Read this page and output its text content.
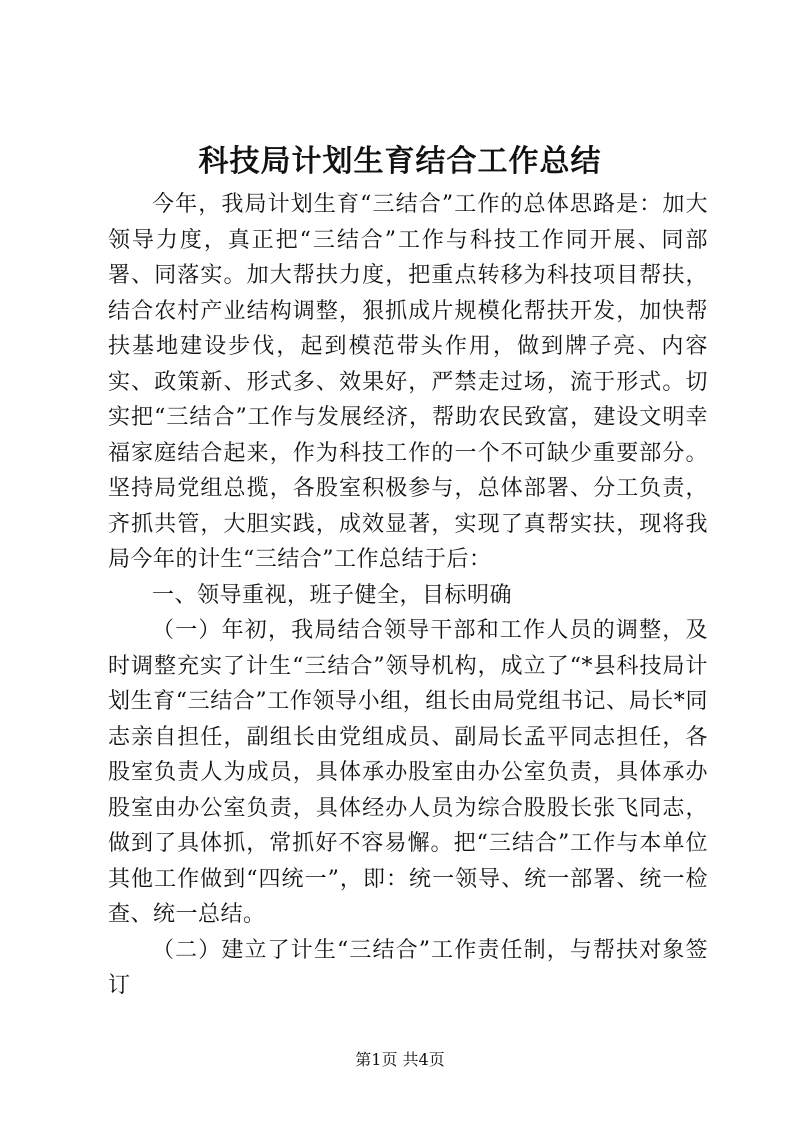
科技局计划生育结合工作总结

今年，我局计划生育“三结合”工作的总体思路是：加大领导力度，真正把“三结合”工作与科技工作同开展、同部署、同落实。加大帮扶力度，把重点转移为科技项目帮扶，结合农村产业结构调整，狠抓成片规模化帮扶开发，加快帮扶基地建设步伐，起到模范带头作用，做到牌子亮、内容实、政策新、形式多、效果好，严禁走过场，流于形式。切实把“三结合”工作与发展经济，帮助农民致富，建设文明幸福家庭结合起来，作为科技工作的一个不可缺少重要部分。坚持局党组总揽，各股室积极参与，总体部署、分工负责，齐抓共管，大胆实践，成效显著，实现了真帮实扶，现将我局今年的计生“三结合”工作总结于后：

一、领导重视，班子健全，目标明确

（一）年初，我局结合领导干部和工作人员的调整，及时调整充实了计生“三结合”领导机构，成立了“*县科技局计划生育“三结合”工作领导小组，组长由局党组书记、局长*同志亲自担任，副组长由党组成员、副局长孟平同志担任，各股室负责人为成员，具体承办股室由办公室负责，具体承办股室由办公室负责，具体经办人员为综合股股长张飞同志，做到了具体抓，常抓好不容易懈。把“三结合”工作与本单位其他工作做到“四统一”，即：统一领导、统一部署、统一检查、统一总结。

（二）建立了计生“三结合”工作责任制，与帮扶对象签订

第1页 共4页
